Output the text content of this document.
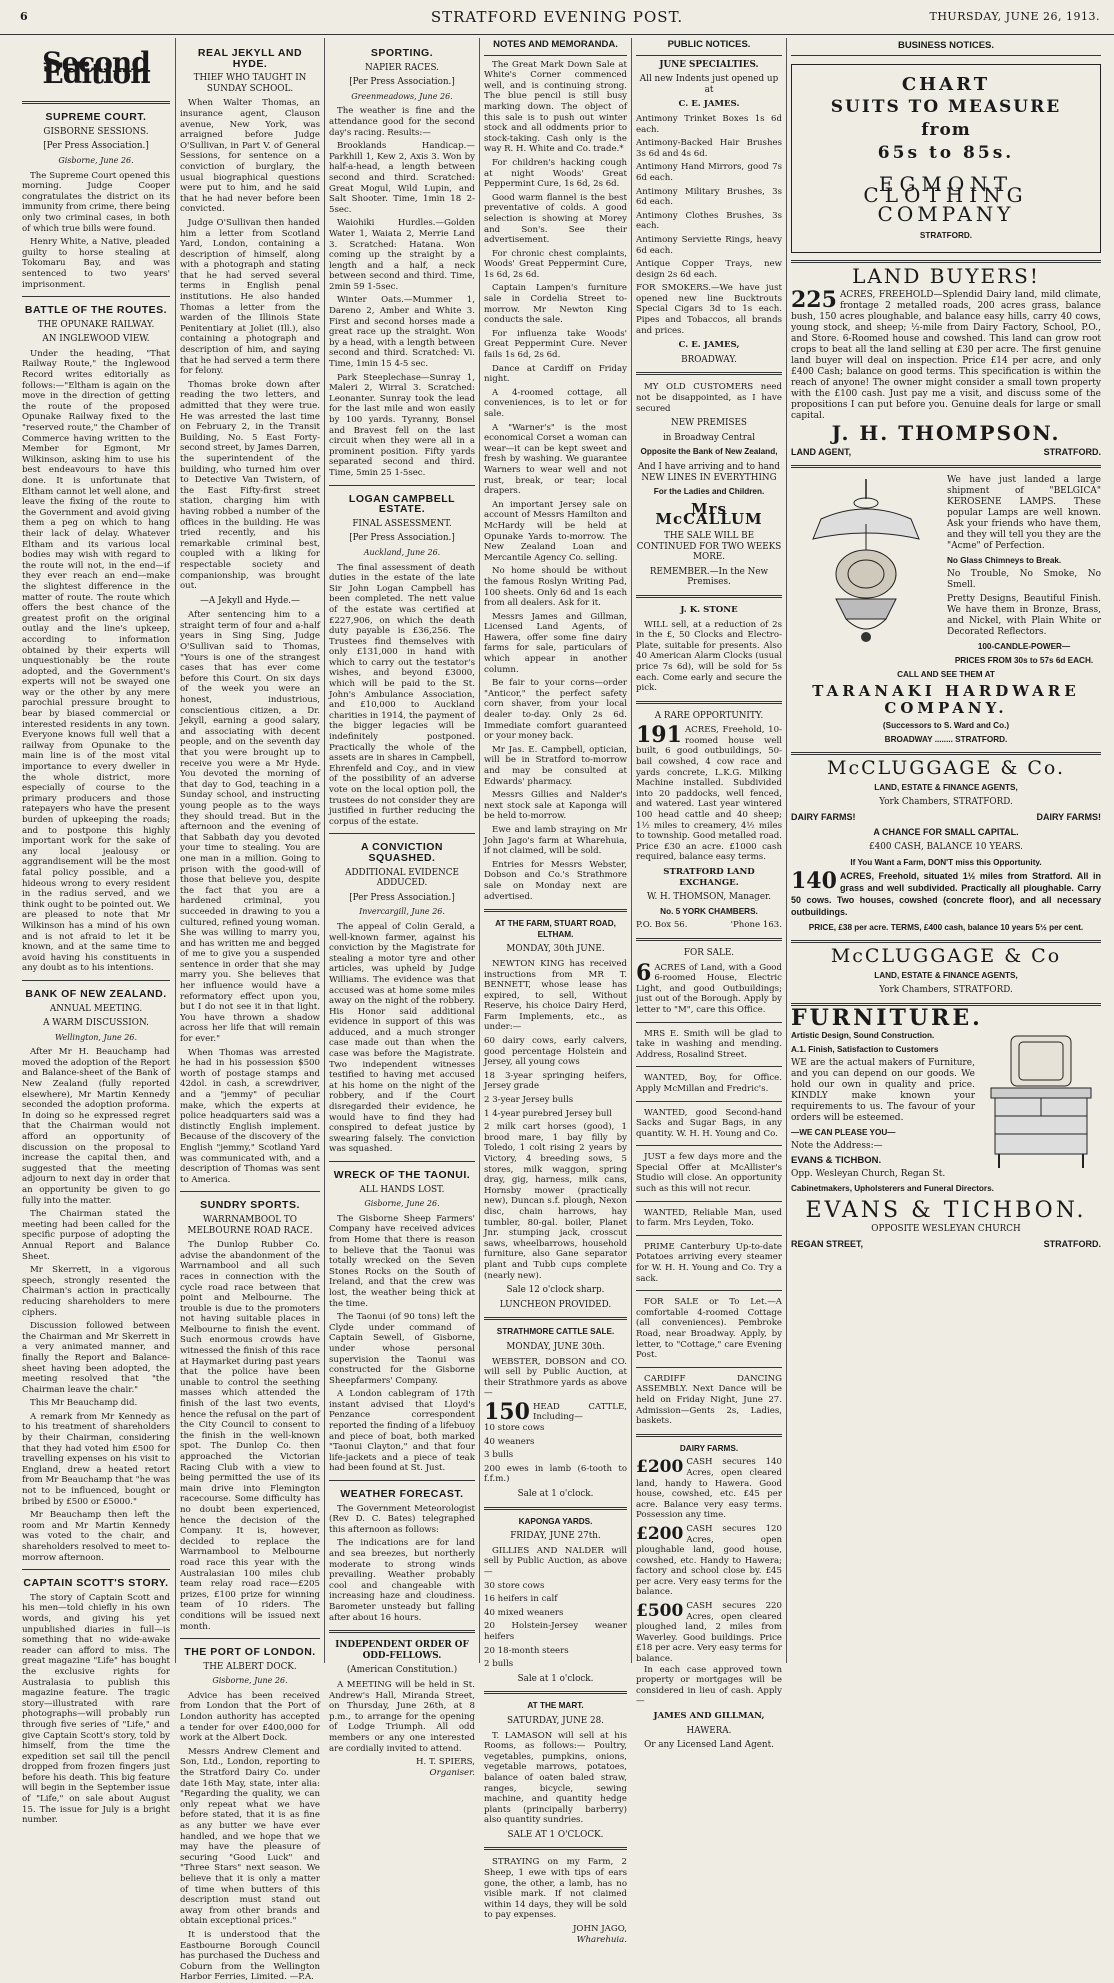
6	STRATFORD EVENING POST.	THURSDAY, JUNE 26, 1913.
Second Edition
SUPREME COURT.
GISBORNE SESSIONS.
[Per Press Association.]
Gisborne, June 26.

The Supreme Court opened this morning. Judge Cooper congratulates the district on its immunity from crime, there being only two criminal cases, in both of which true bills were found.

Henry White, a Native, pleaded guilty to horse stealing at Tokomaru Bay, and was sentenced to two years' imprisonment.

BATTLE OF THE ROUTES.
THE OPUNAKE RAILWAY.
AN INGLEWOOD VIEW.

Under the heading, "That Railway Route," the Inglewood Record writes editorially as follows:—"Eltham is again on the move in the direction of getting the route of the proposed Opunake Railway fixed to the "reserved route," the Chamber of Commerce having written to the Member for Egmont, Mr Wilkinson, asking him to use his best endeavours to have this done. It is unfortunate that Eltham cannot let well alone, and leave the fixing of the route to the Government and avoid giving them a peg on which to hang their lack of delay. Whatever Eltham and its various local bodies may wish with regard to the route will not, in the end—if they ever reach an end—make the slightest difference in the matter of route. The route which offers the best chance of the greatest profit on the original outlay and the line's upkeep, according to information obtained by their experts will unquestionably be the route adopted, and the Government's experts will not be swayed one way or the other by any mere parochial pressure brought to bear by biased commercial or interested residents in any town. Everyone knows full well that a railway from Opunake to the main line is of the most vital importance to every dweller in the whole district, more especially of course to the primary producers and those ratepayers who have the present burden of upkeeping the roads; and to postpone this highly important work for the sake of any local jealousy or aggrandisement will be the most fatal policy possible, and a hideous wrong to every resident in the radius served, and we think ought to be pointed out. We are pleased to note that Mr Wilkinson has a mind of his own and is not afraid to let it be known, and at the same time to avoid having his constituents in any doubt as to his intentions.

BANK OF NEW ZEALAND.
ANNUAL MEETING.
A WARM DISCUSSION.
Wellington, June 26.

After Mr H. Beauchamp had moved the adoption of the Report and Balance-sheet of the Bank of New Zealand (fully reported elsewhere), Mr Martin Kennedy seconded the adoption proforma. In doing so he expressed regret that the Chairman would not afford an opportunity of discussion on the proposal to increase the capital then, and suggested that the meeting adjourn to next day in order that an opportunity be given to go fully into the matter.

The Chairman stated the meeting had been called for the specific purpose of adopting the Annual Report and Balance Sheet.

Mr Skerrett, in a vigorous speech, strongly resented the Chairman's action in practically reducing shareholders to mere ciphers.

Discussion followed between the Chairman and Mr Skerrett in a very animated manner, and finally the Report and Balance-sheet having been adopted, the meeting resolved that "the Chairman leave the chair."

This Mr Beauchamp did.

A remark from Mr Kennedy as to his treatment of shareholders by their Chairman, considering that they had voted him £500 for travelling expenses on his visit to England, drew a heated retort from Mr Beauchamp that "he was not to be influenced, bought or bribed by £500 or £5000."

Mr Beauchamp then left the room and Mr Martin Kennedy was voted to the chair, and shareholders resolved to meet to-morrow afternoon.

CAPTAIN SCOTT'S STORY.

The story of Captain Scott and his men—told chiefly in his own words, and giving his yet unpublished diaries in full—is something that no wide-awake reader can afford to miss. The great magazine "Life" has bought the exclusive rights for Australasia to publish this magazine feature. The tragic story—illustrated with rare photographs—will probably run through five series of "Life," and give Captain Scott's story, told by himself, from the time the expedition set sail till the pencil dropped from frozen fingers just before his death. This big feature will begin in the September issue of "Life," on sale about August 15. The issue for July is a bright number.

REAL JEKYLL AND HYDE.
THIEF WHO TAUGHT IN SUNDAY SCHOOL.

When Walter Thomas, an insurance agent, Clauson avenue, New York, was arraigned before Judge O'Sullivan, in Part V. of General Sessions, for sentence on a conviction of burglary, the usual biographical questions were put to him, and he said that he had never before been convicted.

Judge O'Sullivan then handed him a letter from Scotland Yard, London, containing a description of himself, along with a photograph and stating that he had served several terms in English penal institutions. He also handed Thomas a letter from the warden of the Illinois State Penitentiary at Joliet (Ill.), also containing a photograph and description of him, and saying that he had served a term there for felony.

Thomas broke down after reading the two letters, and admitted that they were true. He was arrested the last time on February 2, in the Transit Building, No. 5 East Forty-second street, by James Darren, the superintendent of the building, who turned him over to Detective Van Twistern, of the East Fifty-first street station, charging him with having robbed a number of the offices in the building. He was tried recently, and his remarkable criminal best, coupled with a liking for respectable society and companionship, was brought out.

—A Jekyll and Hyde.—

After sentencing him to a straight term of four and a-half years in Sing Sing, Judge O'Sullivan said to Thomas, "Yours is one of the strangest cases that has ever come before this Court. On six days of the week you were an honest, industrious, conscientious citizen, a Dr. Jekyll, earning a good salary, and associating with decent people, and on the seventh day that you were brought up to receive you were a Mr Hyde. You devoted the morning of that day to God, teaching in a Sunday school, and instructing young people as to the ways they should tread. But in the afternoon and the evening of that Sabbath day you devoted your time to stealing. You are one man in a million. Going to prison with the good-will of those that believe you, despite the fact that you are a hardened criminal, you succeeded in drawing to you a cultured, refined young woman. She was willing to marry you, and has written me and begged of me to give you a suspended sentence in order that she may marry you. She believes that her influence would have a reformatory effect upon you, but I do not see it in that light. You have thrown a shadow across her life that will remain for ever."

When Thomas was arrested he had in his possession $500 worth of postage stamps and 42dol. in cash, a screwdriver, and a "jemmy" of peculiar make, which the experts at police headquarters said was a distinctly English implement. Because of the discovery of the English "jemmy," Scotland Yard was communicated with, and a description of Thomas was sent to America.

SUNDRY SPORTS.
WARRNAMBOOL TO MELBOURNE ROAD RACE.

The Dunlop Rubber Co. advise the abandonment of the Warrnambool and all such races in connection with the cycle road race between that point and Melbourne. The trouble is due to the promoters not having suitable places in Melbourne to finish the event. Such enormous crowds have witnessed the finish of this race at Haymarket during past years that the police have been unable to control the seething masses which attended the finish of the last two events, hence the refusal on the part of the City Council to consent to the finish in the well-known spot. The Dunlop Co. then approached the Victorian Racing Club with a view to being permitted the use of its main drive into Flemington racecourse. Some difficulty has no doubt been experienced, hence the decision of the Company. It is, however, decided to replace the Warrnambool to Melbourne road race this year with the Australasian 100 miles club team relay road race—£205 prizes, £100 prize for winning team of 10 riders. The conditions will be issued next month.

THE PORT OF LONDON.
THE ALBERT DOCK.
Gisborne, June 26.

Advice has been received from London that the Port of London authority has accepted a tender for over £400,000 for work at the Albert Dock.

Messrs Andrew Clement and Son, Ltd., London, reporting to the Stratford Dairy Co. under date 16th May, state, inter alia: "Regarding the quality, we can only repeat what we have before stated, that it is as fine as any butter we have ever handled, and we hope that we may have the pleasure of securing "Good Luck" and "Three Stars" next season. We believe that it is only a matter of time when butters of this description must stand out away from other brands and obtain exceptional prices."

It is understood that the Eastbourne Borough Council has purchased the Duchess and Coburn from the Wellington Harbor Ferries, Limited. —P.A.

SPORTING.
NAPIER RACES.
[Per Press Association.]
Greenmeadows, June 26.

The weather is fine and the attendance good for the second day's racing. Results:—

Brooklands Handicap.—Parkhill 1, Kew 2, Axis 3. Won by half-a-head, a length between second and third. Scratched: Great Mogul, Wild Lupin, and Salt Shooter. Time, 1min 18 2-5sec.

Waiohiki Hurdles.—Golden Water 1, Waiata 2, Merrie Land 3. Scratched: Hatana. Won coming up the straight by a length and a half, a neck between second and third. Time, 2min 59 1-5sec.

Winter Oats.—Mummer 1, Dareno 2, Amber and White 3. First and second horses made a great race up the straight. Won by a head, with a length between second and third. Scratched: Vi. Time, 1min 15 4-5 sec.

Park Steeplechase—Sunray 1, Maleri 2, Wirral 3. Scratched: Leonanter. Sunray took the lead for the last mile and won easily by 100 yards. Tyranny, Bonsel and Bravest fell on the last circuit when they were all in a prominent position. Fifty yards separated second and third. Time, 5min 25 1-5sec.

LOGAN CAMPBELL ESTATE.
FINAL ASSESSMENT.
[Per Press Association.]
Auckland, June 26.

The final assessment of death duties in the estate of the late Sir John Logan Campbell has been completed. The nett value of the estate was certified at £227,906, on which the death duty payable is £36,256. The Trustees find themselves with only £131,000 in hand with which to carry out the testator's wishes, and beyond £3000, which will be paid to the St. John's Ambulance Association, and £10,000 to Auckland charities in 1914, the payment of the bigger legacies will be indefinitely postponed. Practically the whole of the assets are in shares in Campbell, Ehrenfeld and Coy., and in view of the possibility of an adverse vote on the local option poll, the trustees do not consider they are justified in further reducing the corpus of the estate.

A CONVICTION SQUASHED.
ADDITIONAL EVIDENCE ADDUCED.
[Per Press Association.]
Invercargill, June 26.

The appeal of Colin Gerald, a well-known farmer, against his conviction by the Magistrate for stealing a motor tyre and other articles, was upheld by Judge Williams. The evidence was that accused was at home some miles away on the night of the robbery. His Honor said additional evidence in support of this was adduced, and a much stronger case made out than when the case was before the Magistrate. Two independent witnesses testified to having met accused at his home on the night of the robbery, and if the Court disregarded their evidence, he would have to find they had conspired to defeat justice by swearing falsely. The conviction was squashed.

WRECK OF THE TAONUI.
ALL HANDS LOST.
Gisborne, June 26.

The Gisborne Sheep Farmers' Company have received advices from Home that there is reason to believe that the Taonui was totally wrecked on the Seven Stones Rocks on the South of Ireland, and that the crew was lost, the weather being thick at the time.

The Taonui (of 90 tons) left the Clyde under command of Captain Sewell, of Gisborne, under whose personal supervision the Taonui was constructed for the Gisborne Sheepfarmers' Company.

A London cablegram of 17th instant advised that Lloyd's Penzance correspondent reported the finding of a lifebuoy and piece of boat, both marked "Taonui Clayton," and that four life-jackets and a piece of teak had been found at St. Just.

WEATHER FORECAST.

The Government Meteorologist (Rev D. C. Bates) telegraphed this afternoon as follows:

The indications are for land and sea breezes, but northerly moderate to strong winds prevailing. Weather probably cool and changeable with increasing haze and cloudiness. Barometer unsteady but falling after about 16 hours.

INDEPENDENT ORDER OF ODD-FELLOWS.
(American Constitution.)

A MEETING will be held in St. Andrew's Hall, Miranda Street, on Thursday, June 26th, at 8 p.m., to arrange for the opening of Lodge Triumph. All odd members or any one interested are cordially invited to attend.

H. T. SPIERS,
Organiser.
NOTES AND MEMORANDA.

The Great Mark Down Sale at White's Corner commenced well, and is continuing strong. The blue pencil is still busy marking down. The object of this sale is to push out winter stock and all oddments prior to stock-taking. Cash only is the way R. H. White and Co. trade.*

For children's hacking cough at night Woods' Great Peppermint Cure, 1s 6d, 2s 6d.

Good warm flannel is the best preventative of colds. A good selection is showing at Morey and Son's. See their advertisement.

For chronic chest complaints, Woods' Great Peppermint Cure, 1s 6d, 2s 6d.

Captain Lampen's furniture sale in Cordelia Street to-morrow. Mr Newton King conducts the sale.

For influenza take Woods' Great Peppermint Cure. Never fails 1s 6d, 2s 6d.

Dance at Cardiff on Friday night.

A 4-roomed cottage, all conveniences, is to let or for sale.

A "Warner's" is the most economical Corset a woman can wear—it can be kept sweet and fresh by washing. We guarantee Warners to wear well and not rust, break, or tear; local drapers.

An important Jersey sale on account of Messrs Hamilton and McHardy will be held at Opunake Yards to-morrow. The New Zealand Loan and Mercantile Agency Co. selling.

No home should be without the famous Roslyn Writing Pad, 100 sheets. Only 6d and 1s each from all dealers. Ask for it.

Messrs James and Gillman, Licensed Land Agents, of Hawera, offer some fine dairy farms for sale, particulars of which appear in another column.

Be fair to your corns—order "Anticor," the perfect safety corn shaver, from your local dealer to-day. Only 2s 6d. Immediate comfort guaranteed or your money back.

Mr Jas. E. Campbell, optician, will be in Stratford to-morrow and may be consulted at Edwards' pharmacy.

Messrs Gillies and Nalder's next stock sale at Kaponga will be held to-morrow.

Ewe and lamb straying on Mr John Jago's farm at Wharehuia, if not claimed, will be sold.

Entries for Messrs Webster, Dobson and Co.'s Strathmore sale on Monday next are advertised.

AT THE FARM, STUART ROAD, ELTHAM.
MONDAY, 30th JUNE.

NEWTON KING has received instructions from MR T. BENNETT, whose lease has expired, to sell, Without Reserve, his choice Dairy Herd, Farm Implements, etc., as under:—

60 dairy cows, early calvers, good percentage Holstein and Jersey, all young cows
18 3-year springing heifers, Jersey grade
2 3-year Jersey bulls
1 4-year purebred Jersey bull
2 milk cart horses (good), 1 brood mare, 1 bay filly by Toledo, 1 colt rising 2 years by Victory, 4 breeding sows, 5 stores, milk waggon, spring dray, gig, harness, milk cans, Hornsby mower (practically new), Duncan s.f. plough, Nexon disc, chain harrows, hay tumbler, 80-gal. boiler, Planet Jnr. stumping jack, crosscut saws, wheelbarrows, household furniture, also Gane separator plant and Tubb cups complete (nearly new).
Sale 12 o'clock sharp.
LUNCHEON PROVIDED.
STRATHMORE CATTLE SALE.
MONDAY, JUNE 30th.

WEBSTER, DOBSON and CO. will sell by Public Auction, at their Strathmore yards as above—

150 HEAD CATTLE, Including—
10 store cows
40 weaners
3 bulls
200 ewes in lamb (6-tooth to f.f.m.)
Sale at 1 o'clock.
KAPONGA YARDS.
FRIDAY, JUNE 27th.

GILLIES AND NALDER will sell by Public Auction, as above—

30 store cows
16 heifers in calf
40 mixed weaners
20 Holstein-Jersey weaner heifers
20 18-month steers
2 bulls
Sale at 1 o'clock.
AT THE MART.
SATURDAY, JUNE 28.

T. LAMASON will sell at his Rooms, as follows:— Poultry, vegetables, pumpkins, onions, vegetable marrows, potatoes, balance of oaten baled straw, ranges, bicycle, sewing machine, and quantity hedge plants (principally barberry) also quantity sundries.

SALE AT 1 O'CLOCK.

STRAYING on my Farm, 2 Sheep, 1 ewe with tips of ears gone, the other, a lamb, has no visible mark. If not claimed within 14 days, they will be sold to pay expenses.

JOHN JAGO,
Wharehuia.
PUBLIC NOTICES.
JUNE SPECIALTIES.
All new Indents just opened up at
C. E. JAMES.
Antimony Trinket Boxes 1s 6d each.
Antimony-Backed Hair Brushes 3s 6d and 4s 6d.
Antimony Hand Mirrors, good 7s 6d each.
Antimony Military Brushes, 3s 6d each.
Antimony Clothes Brushes, 3s each.
Antimony Serviette Rings, heavy 6d each.
Antique Copper Trays, new design 2s 6d each.
FOR SMOKERS.—We have just opened new line Bucktrouts Special Cigars 3d to 1s each. Pipes and Tobaccos, all brands and prices.
C. E. JAMES,
BROADWAY.

MY OLD CUSTOMERS need not be disappointed, as I have secured

NEW PREMISES
in Broadway Central
Opposite the Bank of New Zealand,
And I have arriving and to hand NEW LINES IN EVERYTHING
For the Ladies and Children.
Mrs McCALLUM
THE SALE WILL BE CONTINUED FOR TWO WEEKS MORE.
REMEMBER.—In the New Premises.
J. K. STONE

WILL sell, at a reduction of 2s in the £, 50 Clocks and Electro-Plate, suitable for presents. Also 40 American Alarm Clocks (usual price 7s 6d), will be sold for 5s each. Come early and secure the pick.

A RARE OPPORTUNITY.
191 ACRES, Freehold, 10-roomed house well built, 6 good outbuildings, 50-bail cowshed, 4 cow race and yards concrete, L.K.G. Milking Machine installed. Subdivided into 20 paddocks, well fenced, and watered. Last year wintered 100 head cattle and 40 sheep; 1½ miles to creamery, 4½ miles to township. Good metalled road. Price £30 an acre. £1000 cash required, balance easy terms.
STRATFORD LAND EXCHANGE.
W. H. THOMSON, Manager.
No. 5 YORK CHAMBERS.
P.O. Box 56.	'Phone 163.
FOR SALE.
6 ACRES of Land, with a Good 6-roomed House, Electric Light, and good Outbuildings; just out of the Borough. Apply by letter to "M", care this Office.

MRS E. Smith will be glad to take in washing and mending. Address, Rosalind Street.

WANTED, Boy, for Office. Apply McMillan and Fredric's.

WANTED, good Second-hand Sacks and Sugar Bags, in any quantity. W. H. H. Young and Co.

JUST a few days more and the Special Offer at McAllister's Studio will close. An opportunity such as this will not recur.

WANTED, Reliable Man, used to farm. Mrs Leyden, Toko.

PRIME Canterbury Up-to-date Potatoes arriving every steamer for W. H. H. Young and Co. Try a sack.

FOR SALE or To Let.—A comfortable 4-roomed Cottage (all conveniences). Pembroke Road, near Broadway. Apply, by letter, to "Cottage," care Evening Post.

CARDIFF DANCING ASSEMBLY. Next Dance will be held on Friday Night, June 27. Admission—Gents 2s, Ladies, baskets.

DAIRY FARMS.
£200 CASH secures 140 Acres, open cleared land, handy to Hawera. Good house, cowshed, etc. £45 per acre. Balance very easy terms. Possession any time.
£200 CASH secures 120 Acres, open ploughable land, good house, cowshed, etc. Handy to Hawera; factory and school close by. £45 per acre. Very easy terms for the balance.
£500 CASH secures 220 Acres, open cleared ploughed land, 2 miles from Waverley. Good buildings. Price £18 per acre. Very easy terms for balance.

In each case approved town property or mortgages will be considered in lieu of cash. Apply—

JAMES AND GILLMAN,
HAWERA.
Or any Licensed Land Agent.
BUSINESS NOTICES.
CHART
SUITS TO MEASURE
from
65s to 85s.
EGMONT CLOTHING
COMPANY
STRATFORD.
LAND BUYERS!
225 ACRES, FREEHOLD—Splendid Dairy land, mild climate, frontage 2 metalled roads, 200 acres grass, balance bush, 150 acres ploughable, and balance easy hills, carry 40 cows, young stock, and sheep; ½-mile from Dairy Factory, School, P.O., and Store. 6-Roomed house and cowshed. This land can grow root crops to beat all the land selling at £30 per acre. The first genuine land buyer will deal on inspection. Price £14 per acre, and only £400 Cash; balance on good terms. This specification is within the reach of anyone! The owner might consider a small town property with the £100 cash. Just pay me a visit, and discuss some of the propositions I can put before you. Genuine deals for large or small capital.
J. H. THOMPSON.
LAND AGENT,	STRATFORD.

We have just landed a large shipment of "BELGICA" KEROSENE LAMPS. These popular Lamps are well known. Ask your friends who have them, and they will tell you they are the "Acme" of Perfection.

No Glass Chimneys to Break.
No Trouble, No Smoke, No Smell.

Pretty Designs, Beautiful Finish. We have them in Bronze, Brass, and Nickel, with Plain White or Decorated Reflectors.

100-CANDLE-POWER—
PRICES FROM 30s to 57s 6d EACH.
CALL AND SEE THEM AT
TARANAKI HARDWARE
COMPANY.
(Successors to S. Ward and Co.)
BROADWAY ........ STRATFORD.
McCLUGGAGE & Co.
LAND, ESTATE & FINANCE AGENTS,
York Chambers, STRATFORD.
DAIRY FARMS!	DAIRY FARMS!
A CHANCE FOR SMALL CAPITAL.
£400 CASH, BALANCE 10 YEARS.
If You Want a Farm, DON'T miss this Opportunity.
140 ACRES, Freehold, situated 1½ miles from Stratford. All in grass and well subdivided. Practically all ploughable. Carry 50 cows. Two houses, cowshed (concrete floor), and all necessary outbuildings.
PRICE, £38 per acre. TERMS, £400 cash, balance 10 years 5½ per cent.
McCLUGGAGE & Co
LAND, ESTATE & FINANCE AGENTS,
York Chambers, STRATFORD.
FURNITURE.
Artistic Design, Sound Construction.
A.1. Finish, Satisfaction to Customers

WE are the actual makers of Furniture, and you can depend on our goods. We hold our own in quality and price. KINDLY make known your requirements to us. The favour of your orders will be esteemed.

—WE CAN PLEASE YOU—
Note the Address:—
EVANS & TICHBON.
Opp. Wesleyan Church, Regan St.
Cabinetmakers, Upholsterers and Funeral Directors.
EVANS & TICHBON.
OPPOSITE WESLEYAN CHURCH
REGAN STREET,	STRATFORD.
